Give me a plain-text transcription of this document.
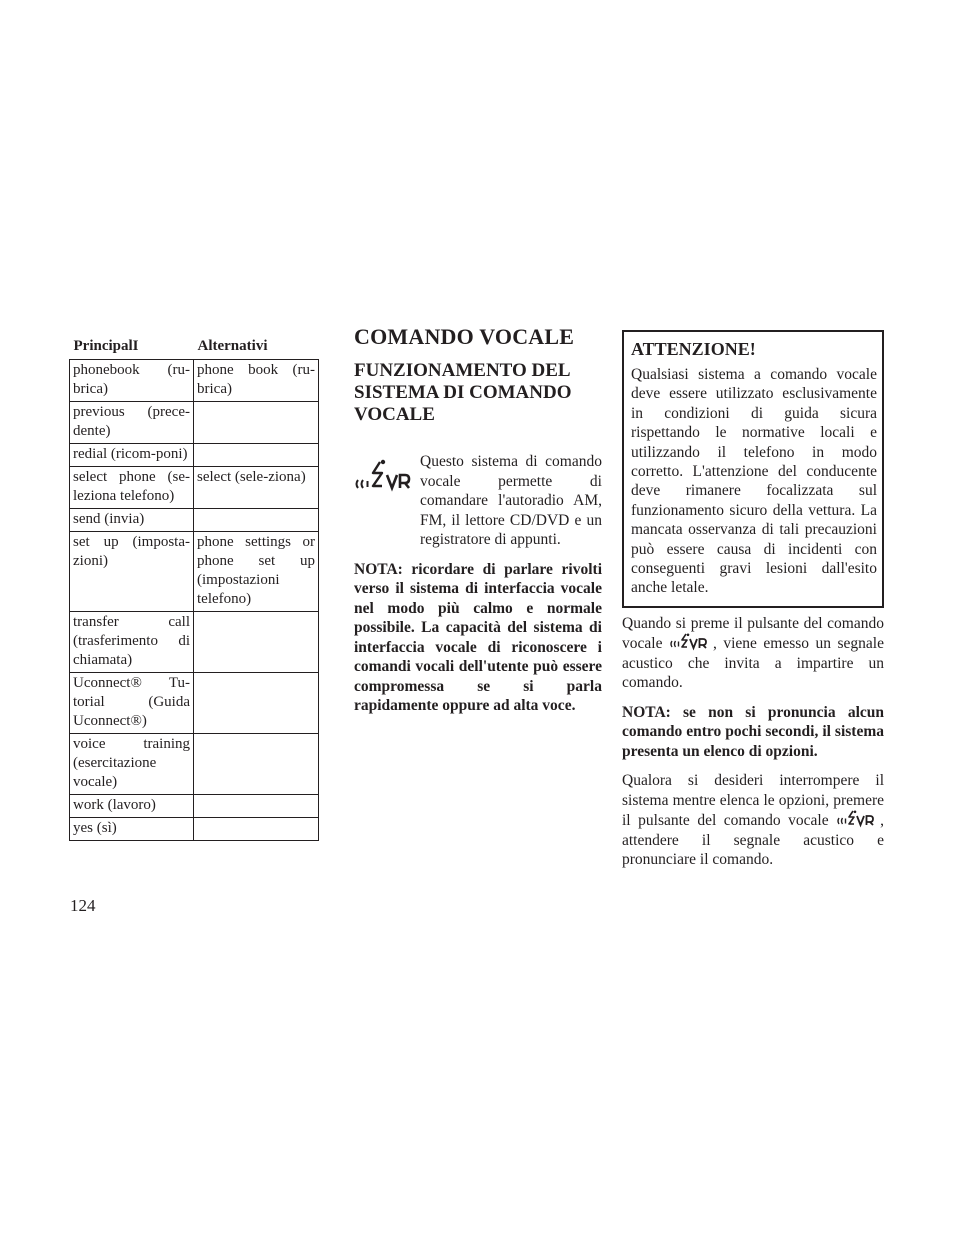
PrincipalI	Alternativi
phonebook (ru-brica)	phone book (ru-brica)
previous (prece-dente)	
redial (ricom-poni)	
select phone (se-leziona telefono)	select (sele-ziona)
send (invia)	
set up (imposta-zioni)	phone settings or phone set up (impostazioni telefono)
transfer call (trasferimento di chiamata)	
Uconnect® Tu-torial (Guida Uconnect®)	
voice training (esercitazione vocale)	
work (lavoro)	
yes (sì)	
COMANDO VOCALE
FUNZIONAMENTO DEL SISTEMA DI COMANDO VOCALE

Questo sistema di comando vocale permette di comandare l'autoradio AM, FM, il lettore CD/DVD e un registratore di appunti.

NOTA: ricordare di parlare rivolti verso il sistema di interfaccia vocale nel modo più calmo e normale possibile. La capacità del sistema di interfaccia vocale di riconoscere i comandi vocali dell'utente può essere compromessa se si parla rapidamente oppure ad alta voce.

ATTENZIONE!

Qualsiasi sistema a comando vocale deve essere utilizzato esclusivamente in condizioni di guida sicura rispettando le normative locali e utilizzando il telefono in modo corretto. L'attenzione del conducente deve rimanere focalizzata sul funzionamento sicuro della vettura. La mancata osservanza di tali precauzioni può essere causa di incidenti con conseguenti gravi lesioni dall'esito anche letale.

Quando si preme il pulsante del comando vocale	, viene emesso un segnale acustico che invita a impartire un comando.

NOTA: se non si pronuncia alcun comando entro pochi secondi, il sistema presenta un elenco di opzioni.

Qualora si desideri interrompere il sistema mentre elenca le opzioni, premere il pulsante del comando vocale	, attendere il segnale acustico e pronunciare il comando.

124
